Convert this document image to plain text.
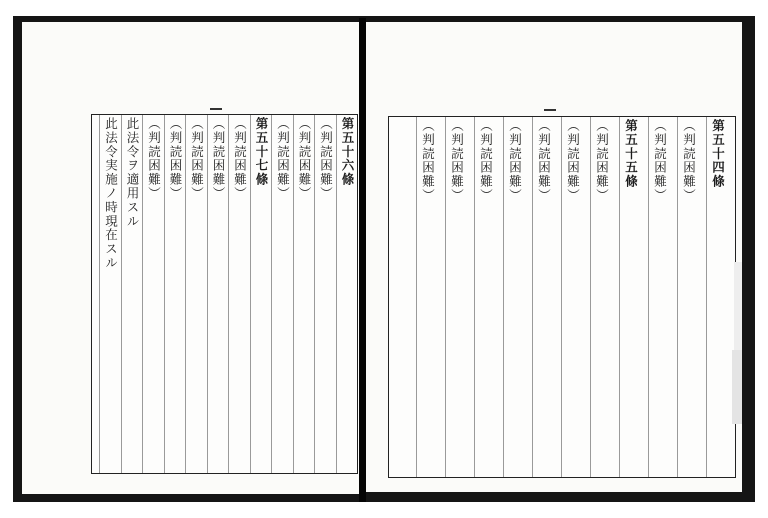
第五十六條
（判読困難）
（判読困難）
（判読困難）
第五十七條
（判読困難）
（判読困難）
（判読困難）
（判読困難）
（判読困難）
此法令ヲ適用スル
此法令実施ノ時現在スル	第五十四條
（判読困難）
（判読困難）
第五十五條
（判読困難）
（判読困難）
（判読困難）
（判読困難）
（判読困難）
（判読困難）
（判読困難）
